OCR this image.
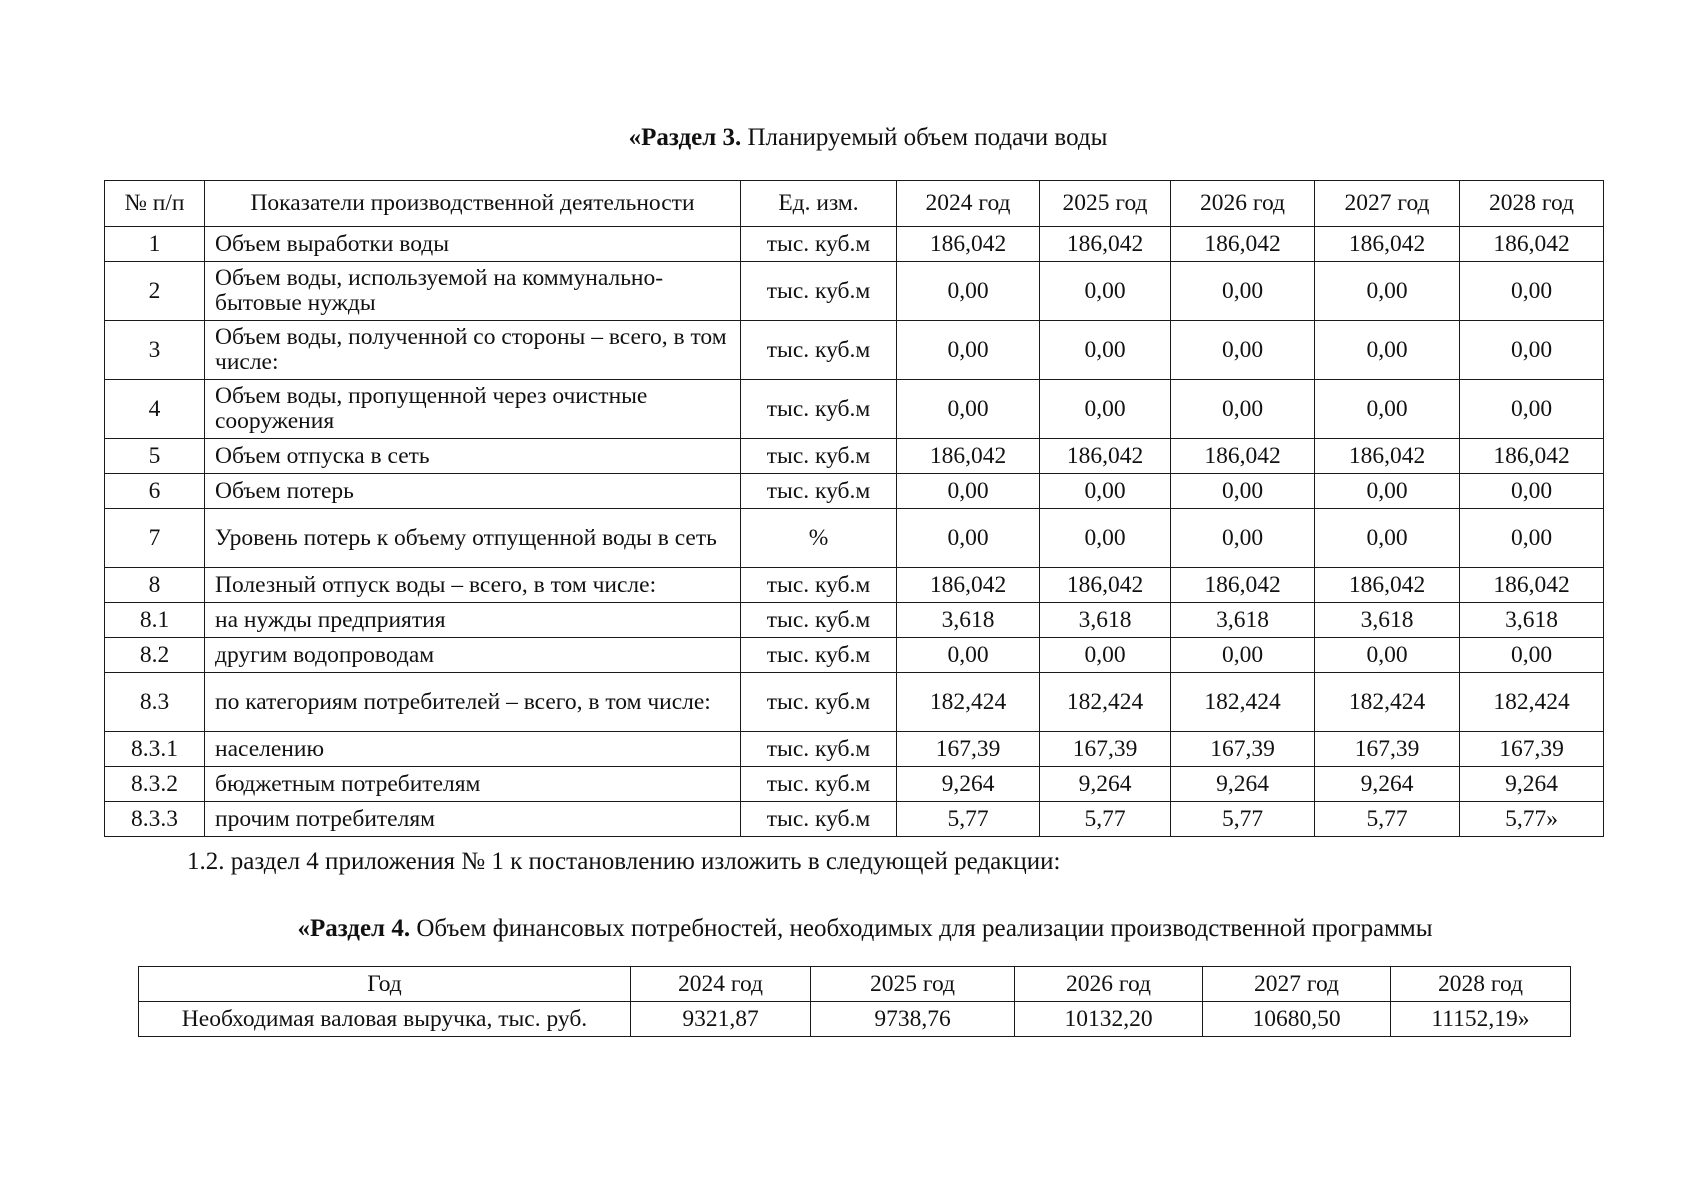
«Раздел 3. Планируемый объем подачи воды
№ п/п	Показатели производственной деятельности	Ед. изм.	2024 год	2025 год	2026 год	2027 год	2028 год
1	Объем выработки воды	тыс. куб.м	186,042	186,042	186,042	186,042	186,042
2	Объем воды, используемой на коммунально-бытовые нужды	тыс. куб.м	0,00	0,00	0,00	0,00	0,00
3	Объем воды, полученной со стороны – всего, в том числе:	тыс. куб.м	0,00	0,00	0,00	0,00	0,00
4	Объем воды, пропущенной через очистные сооружения	тыс. куб.м	0,00	0,00	0,00	0,00	0,00
5	Объем отпуска в сеть	тыс. куб.м	186,042	186,042	186,042	186,042	186,042
6	Объем потерь	тыс. куб.м	0,00	0,00	0,00	0,00	0,00
7	Уровень потерь к объему отпущенной воды в сеть	%	0,00	0,00	0,00	0,00	0,00
8	Полезный отпуск воды – всего, в том числе:	тыс. куб.м	186,042	186,042	186,042	186,042	186,042
8.1	на нужды предприятия	тыс. куб.м	3,618	3,618	3,618	3,618	3,618
8.2	другим водопроводам	тыс. куб.м	0,00	0,00	0,00	0,00	0,00
8.3	по категориям потребителей – всего, в том числе:	тыс. куб.м	182,424	182,424	182,424	182,424	182,424
8.3.1	населению	тыс. куб.м	167,39	167,39	167,39	167,39	167,39
8.3.2	бюджетным потребителям	тыс. куб.м	9,264	9,264	9,264	9,264	9,264
8.3.3	прочим потребителям	тыс. куб.м	5,77	5,77	5,77	5,77	5,77»
1.2. раздел 4 приложения № 1 к постановлению изложить в следующей редакции:
«Раздел 4. Объем финансовых потребностей, необходимых для реализации производственной программы
Год	2024 год	2025 год	2026 год	2027 год	2028 год
Необходимая валовая выручка, тыс. руб.	9321,87	9738,76	10132,20	10680,50	11152,19»
